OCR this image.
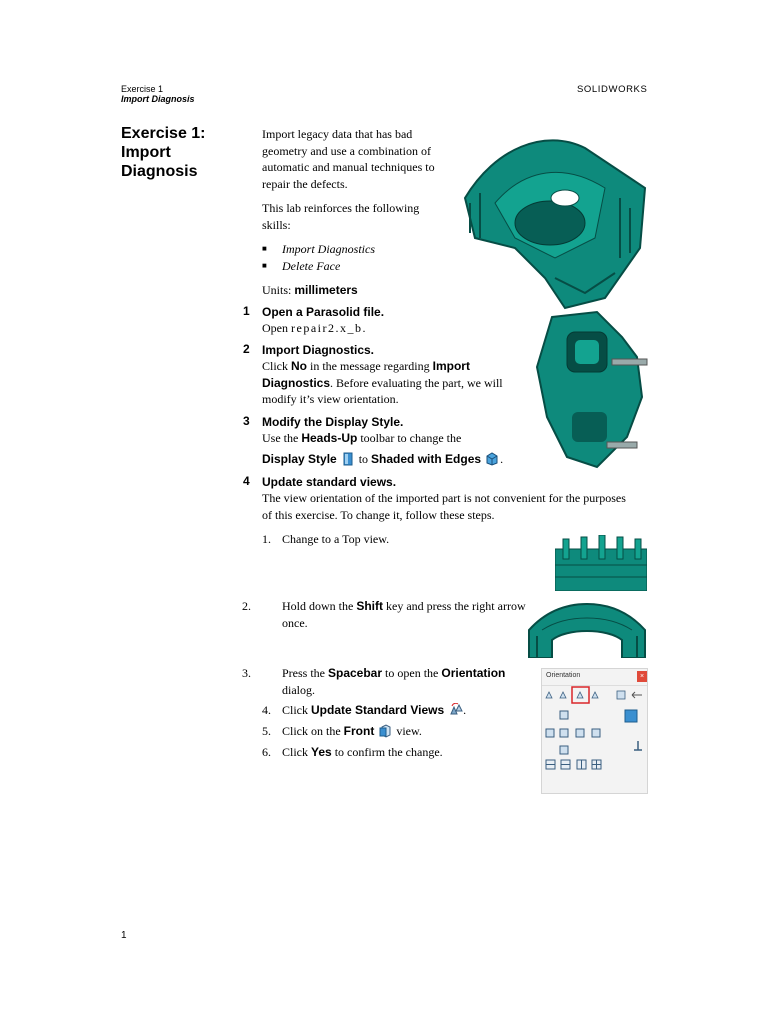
Exercise 1
Import Diagnosis
SOLIDWORKS
Exercise 1:
Import
Diagnosis

Import legacy data that has bad geometry and use a combination of automatic and manual techniques to repair the defects.

This lab reinforces the following skills:

■ Import Diagnostics
■ Delete Face
Units: millimeters
1 Open a Parasolid file.
Open repair2.x_b.
2 Import Diagnostics.
Click No in the message regarding Import Diagnostics. Before evaluating the part, we will modify it’s view orientation.
3 Modify the Display Style.
Use the Heads-Up toolbar to change the
Display Style to Shaded with Edges .
4 Update standard views.
The view orientation of the imported part is not convenient for the purposes of this exercise. To change it, follow these steps.
1. Change to a Top view.
2.	Hold down the Shift key and press the right arrow once.
3.	Press the Spacebar to open the Orientation dialog.
4. Click Update Standard Views .
5. Click on the Front view.
6. Click Yes to confirm the change.
Orientation	×
1
